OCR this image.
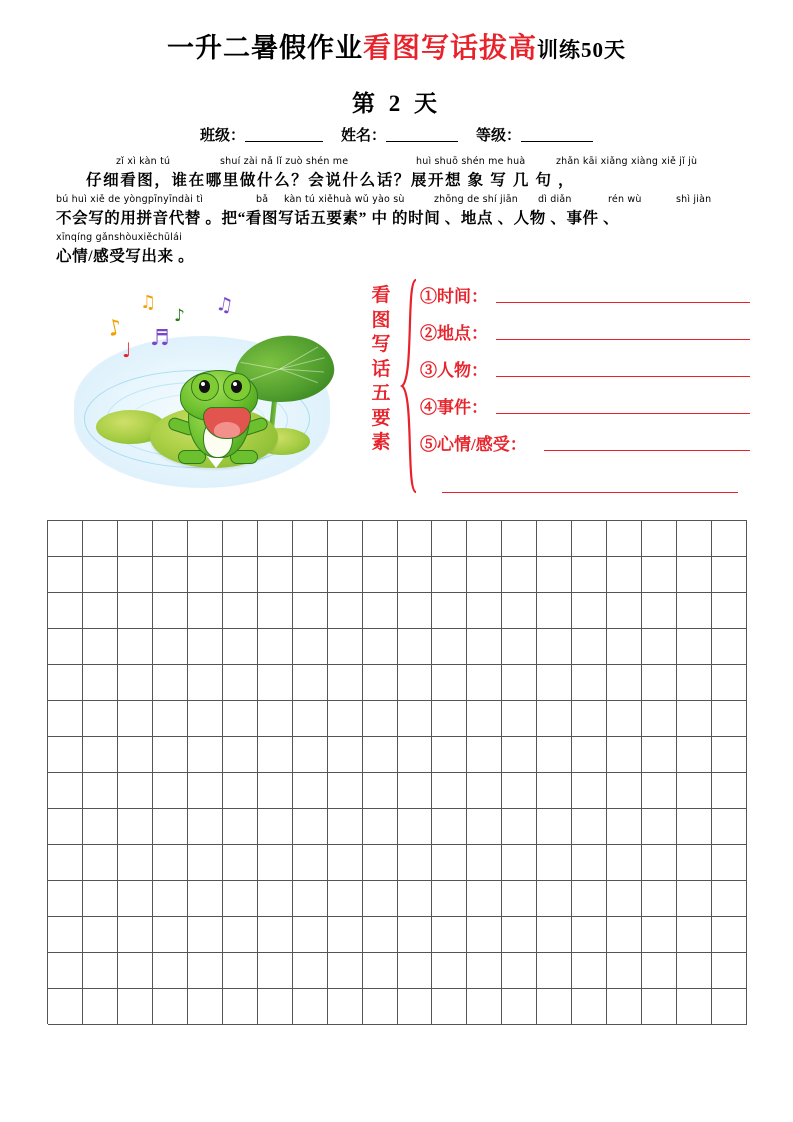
一升二暑假作业看图写话拔高训练50天
第 2 天
班级：	姓名：	等级：
zǐ xì kàn tú	shuí zài nǎ lǐ zuò shén me	huì shuō shén me huà	zhǎn kāi xiǎng xiàng xiě jǐ jù
仔细看图，谁在哪里做什么？会说什么话？展开想 象 写 几 句 ，
bú huì xiě de yòngpīnyīndài tì	bǎ kàn tú xiěhuà wǔ yào sù	zhōng de shí jiān dì diǎn	rén wù	shì jiàn
不会写的用拼音代替 。把“看图写话五要素” 中 的时间 、地点 、人物 、事件 、
xīnqíng gǎnshòuxiěchūlái
心情/感受写出来 。
♪
♫
♩ ♬
♪ ♫	看图写话五要素
①时间：
②地点：
③人物：
④事件：
⑤心情/感受：
